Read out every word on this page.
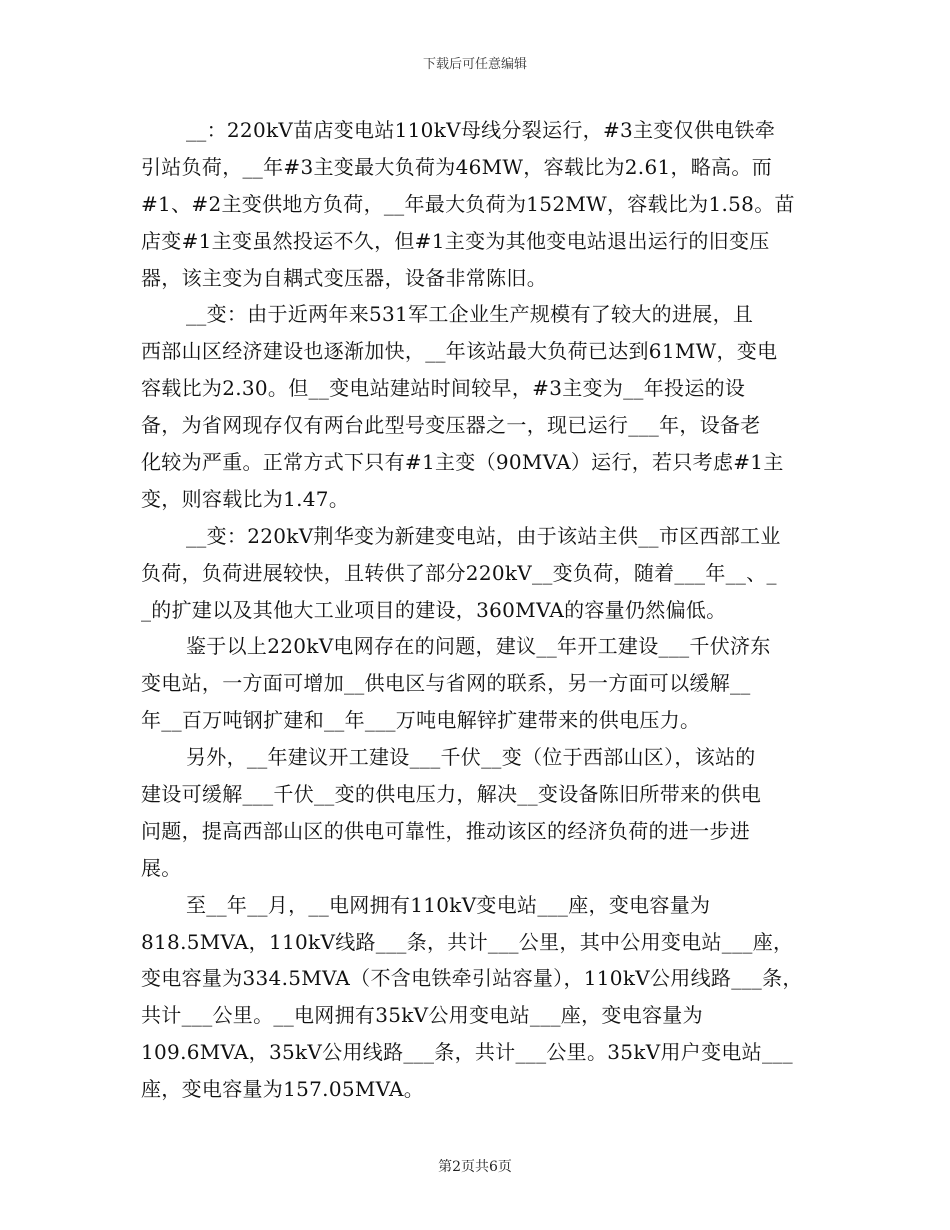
下载后可任意编辑
__：220kV苗店变电站110kV母线分裂运行，#3主变仅供电铁牵
引站负荷，__年#3主变最大负荷为46MW，容载比为2.61，略高。而
#1、#2主变供地方负荷，__年最大负荷为152MW，容载比为1.58。苗
店变#1主变虽然投运不久，但#1主变为其他变电站退出运行的旧变压
器，该主变为自耦式变压器，设备非常陈旧。
__变：由于近两年来531军工企业生产规模有了较大的进展，且
西部山区经济建设也逐渐加快，__年该站最大负荷已达到61MW，变电
容载比为2.30。但__变电站建站时间较早，#3主变为__年投运的设
备，为省网现存仅有两台此型号变压器之一，现已运行___年，设备老
化较为严重。正常方式下只有#1主变（90MVA）运行，若只考虑#1主
变，则容载比为1.47。
__变：220kV荆华变为新建变电站，由于该站主供__市区西部工业
负荷，负荷进展较快，且转供了部分220kV__变负荷，随着___年__、_
_的扩建以及其他大工业项目的建设，360MVA的容量仍然偏低。
鉴于以上220kV电网存在的问题，建议__年开工建设___千伏济东
变电站，一方面可增加__供电区与省网的联系，另一方面可以缓解__
年__百万吨钢扩建和__年___万吨电解锌扩建带来的供电压力。
另外，__年建议开工建设___千伏__变（位于西部山区），该站的
建设可缓解___千伏__变的供电压力，解决__变设备陈旧所带来的供电
问题，提高西部山区的供电可靠性，推动该区的经济负荷的进一步进
展。
至__年__月，__电网拥有110kV变电站___座，变电容量为
818.5MVA，110kV线路___条，共计___公里，其中公用变电站___座，
变电容量为334.5MVA（不含电铁牵引站容量），110kV公用线路___条，
共计___公里。__电网拥有35kV公用变电站___座，变电容量为
109.6MVA，35kV公用线路___条，共计___公里。35kV用户变电站___
座，变电容量为157.05MVA。
第2页共6页
